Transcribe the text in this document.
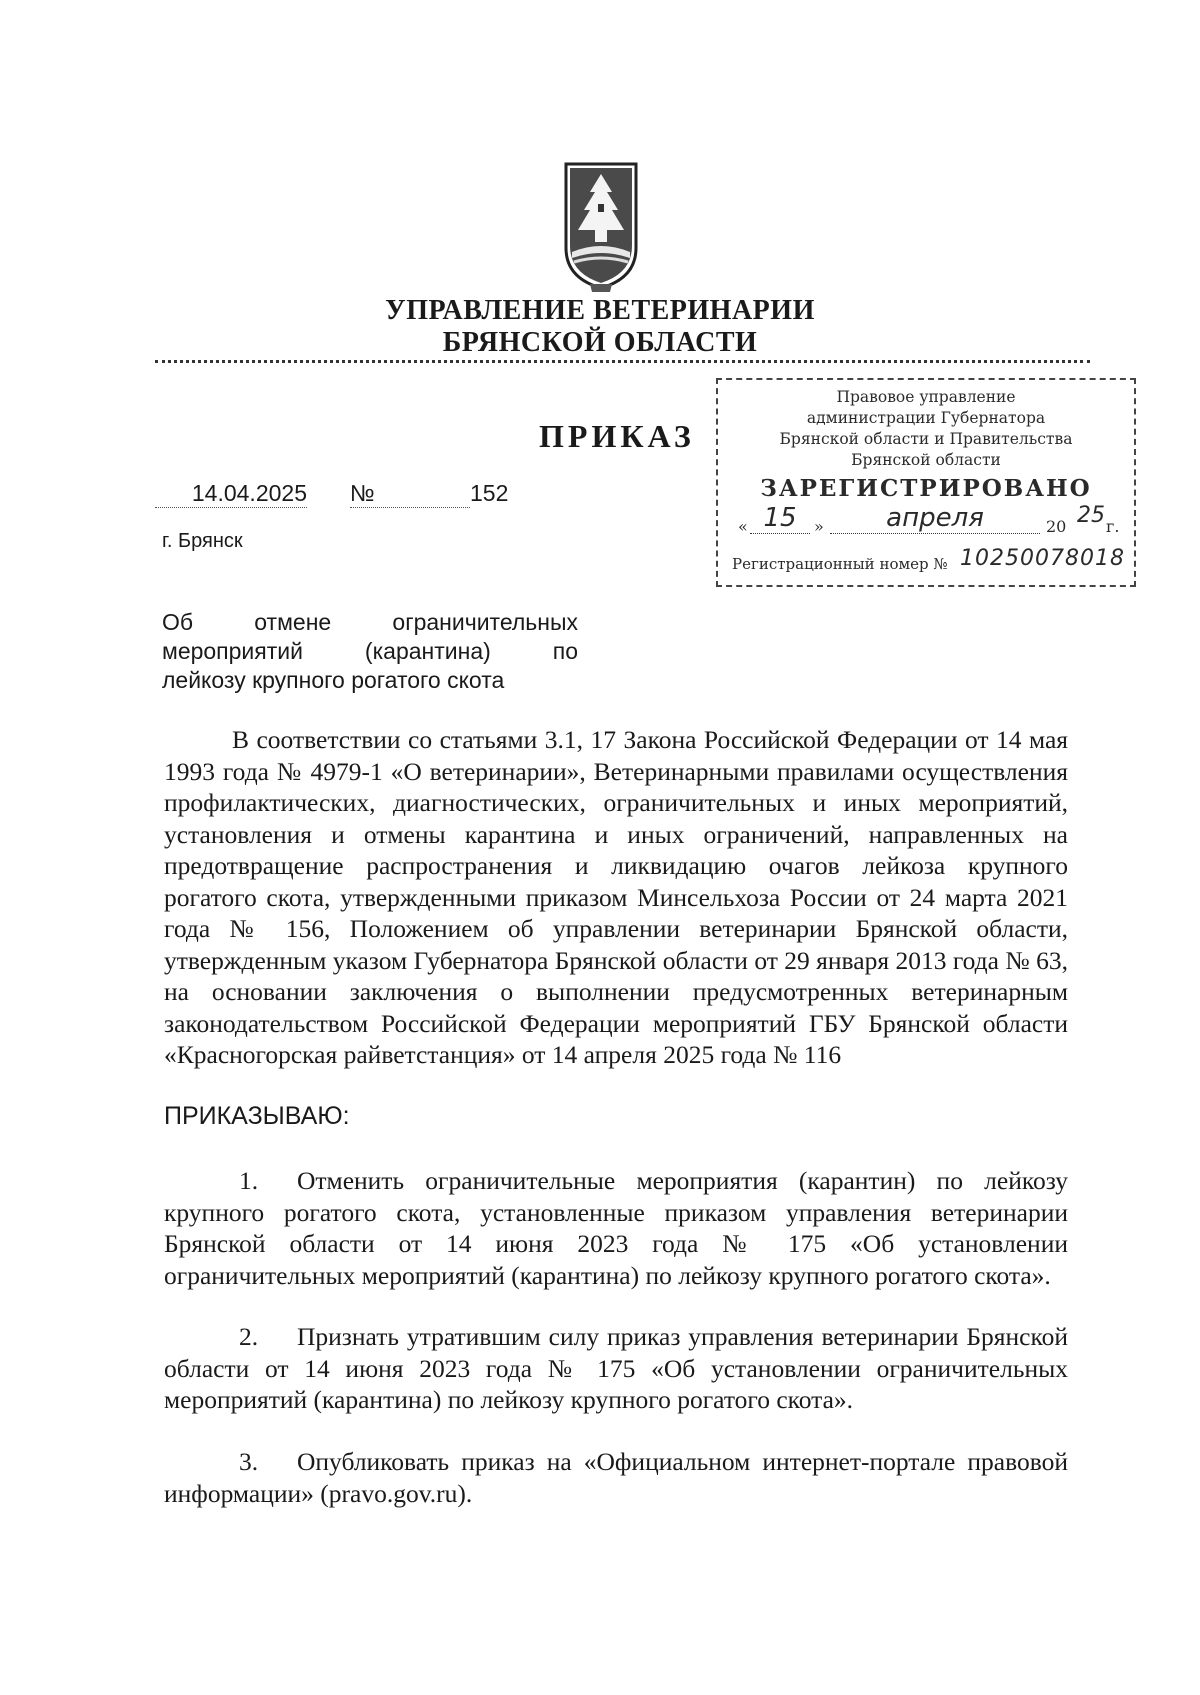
УПРАВЛЕНИЕ ВЕТЕРИНАРИИ
БРЯНСКОЙ ОБЛАСТИ
ПРИКАЗ
14.04.2025 №	152
г. Брянск
Правовое управление
администрации Губернатора
Брянской области и Правительства
Брянской области
ЗАРЕГИСТРИРОВАНО
« 15	»	апреля	20 25 г.
Регистрационный номер № 10250078018
Об отмене ограничительных
мероприятий (карантина) по
лейкозу крупного рогатого скота
В соответствии со статьями 3.1, 17 Закона Российской Федерации от 14 мая 1993 года № 4979-1 «О ветеринарии», Ветеринарными правилами осуществления профилактических, диагностических, ограничительных и иных мероприятий, установления и отмены карантина и иных ограничений, направленных на предотвращение распространения и ликвидацию очагов лейкоза крупного рогатого скота, утвержденными приказом Минсельхоза России от 24 марта 2021 года № 156, Положением об управлении ветеринарии Брянской области, утвержденным указом Губернатора Брянской области от 29 января 2013 года № 63, на основании заключения о выполнении предусмотренных ветеринарным законодательством Российской Федерации мероприятий ГБУ Брянской области «Красногорская райветстанция» от 14 апреля 2025 года № 116
ПРИКАЗЫВАЮ:
1. Отменить ограничительные мероприятия (карантин) по лейкозу крупного рогатого скота, установленные приказом управления ветеринарии Брянской области от 14 июня 2023 года № 175 «Об установлении ограничительных мероприятий (карантина) по лейкозу крупного рогатого скота».
2. Признать утратившим силу приказ управления ветеринарии Брянской области от 14 июня 2023 года № 175 «Об установлении ограничительных мероприятий (карантина) по лейкозу крупного рогатого скота».
3. Опубликовать приказ на «Официальном интернет-портале правовой информации» (pravo.gov.ru).
